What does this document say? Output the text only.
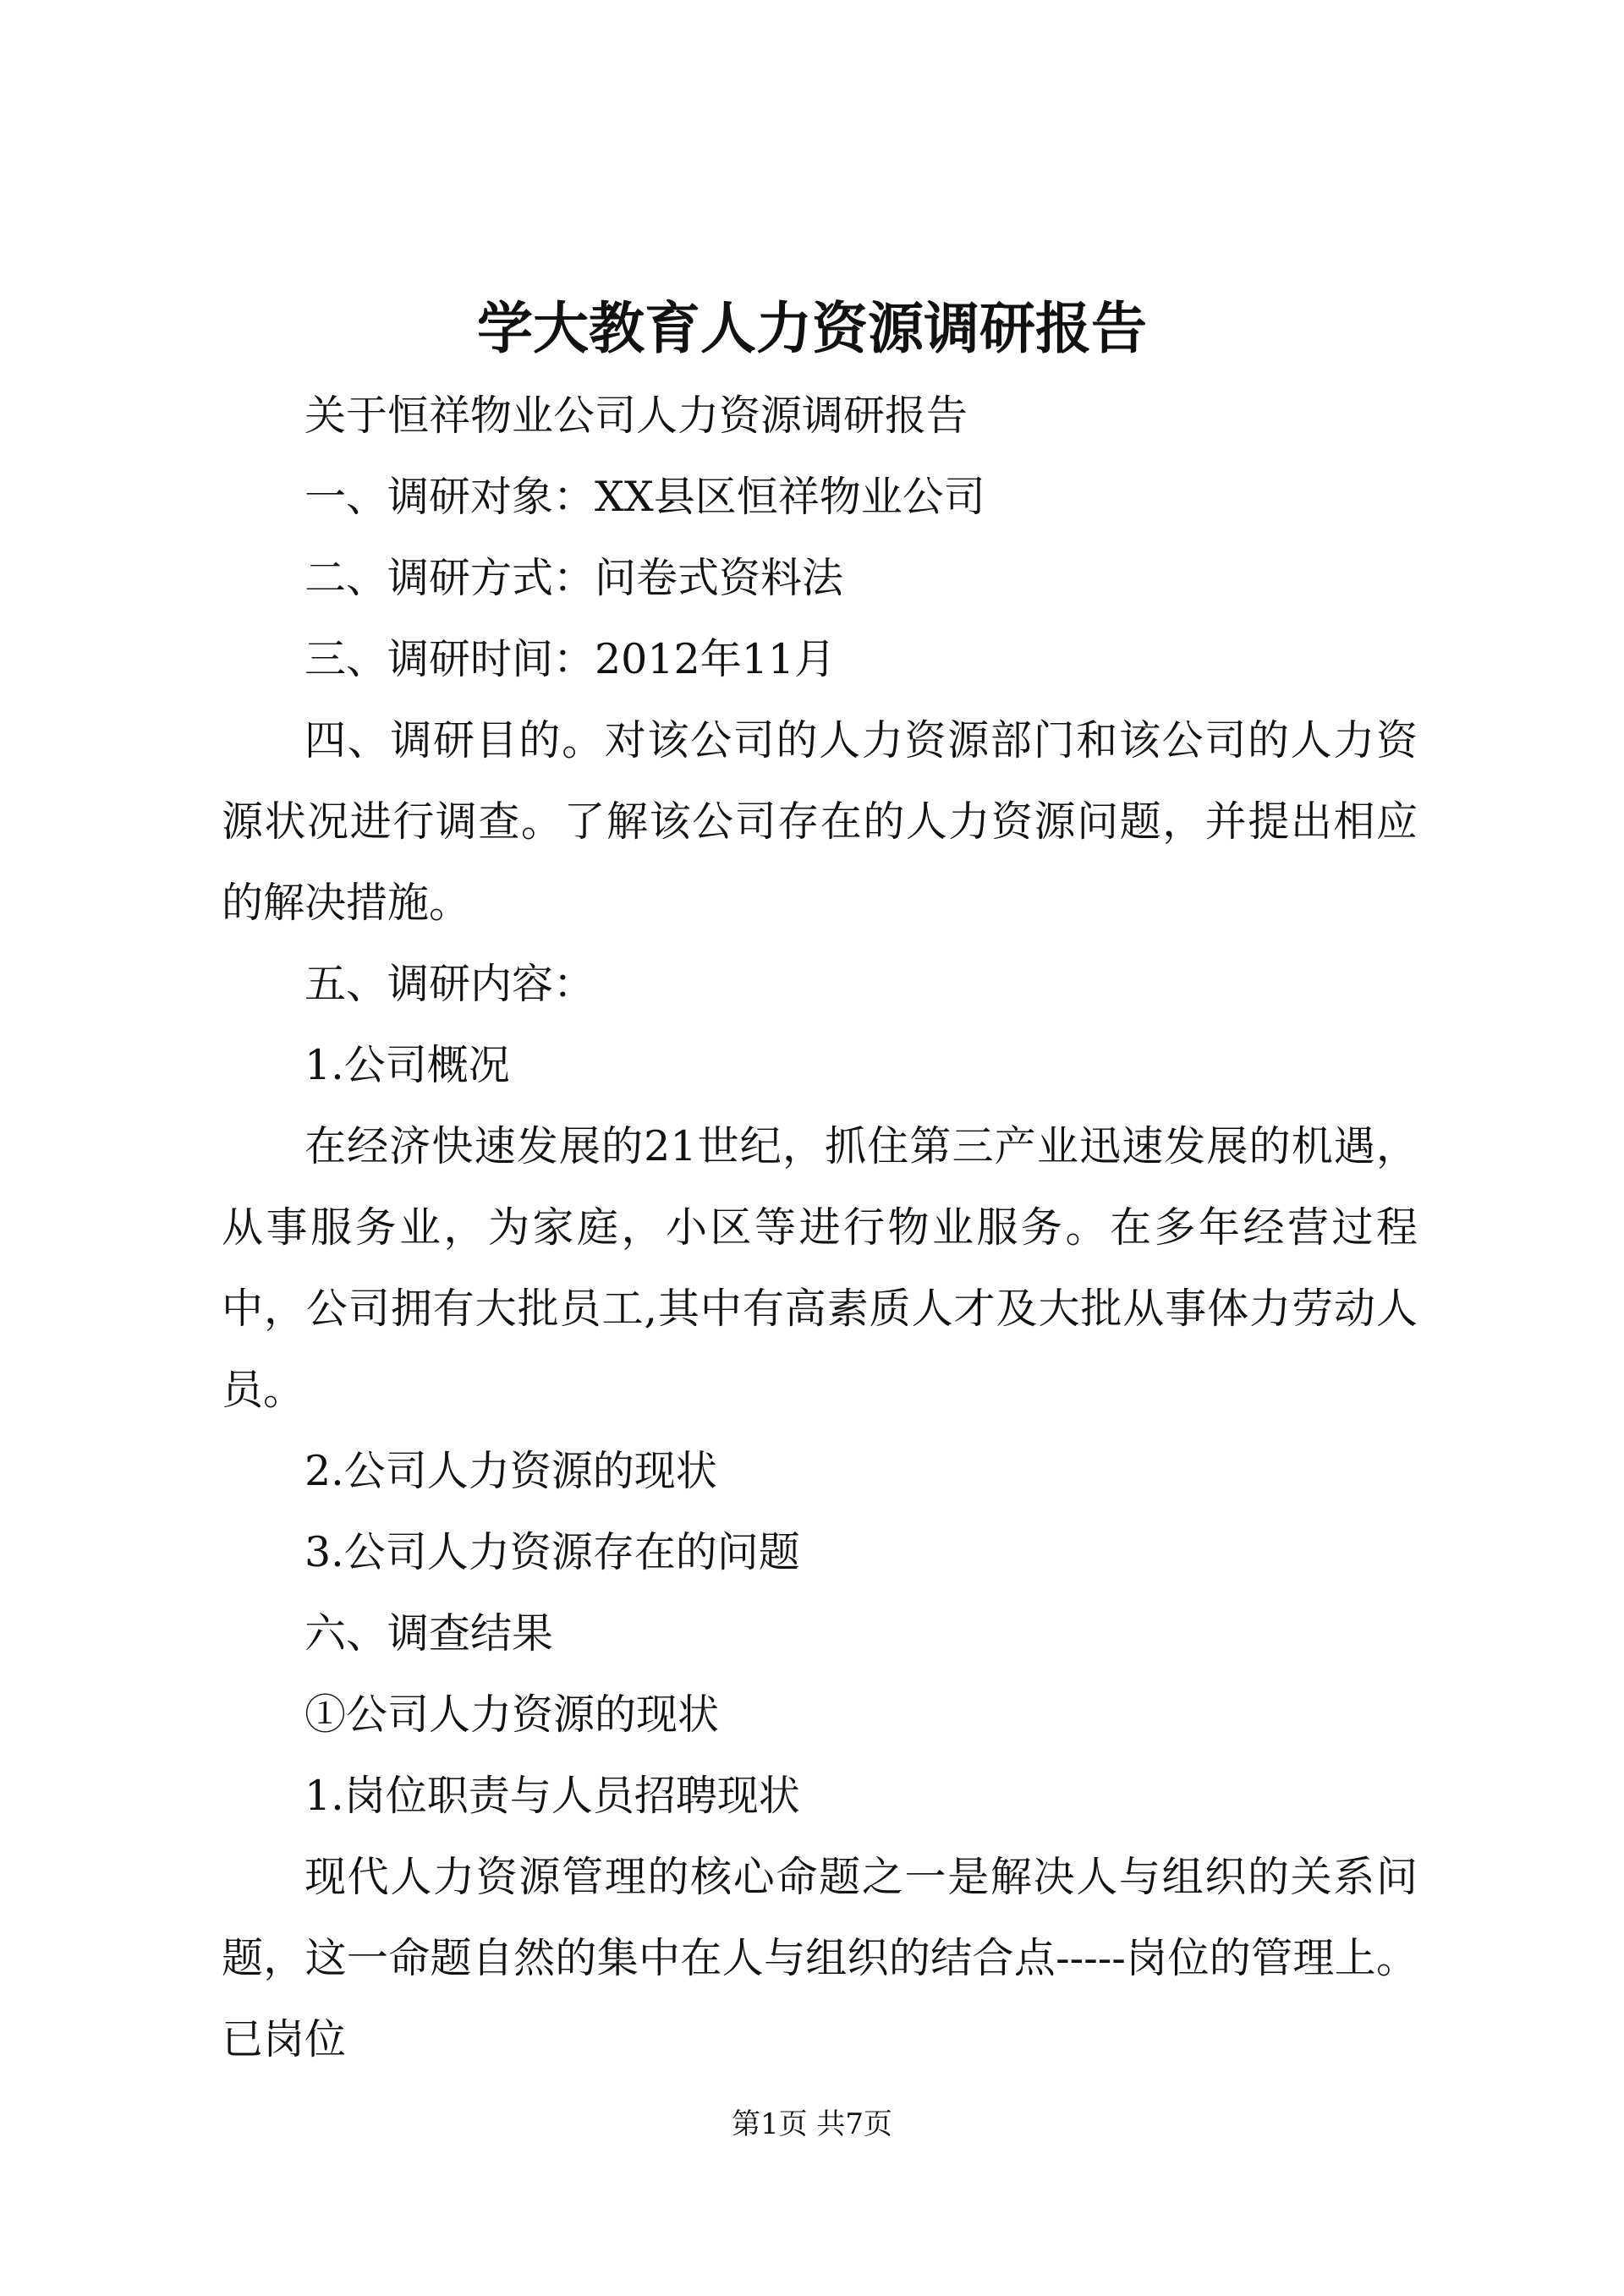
学大教育人力资源调研报告

关于恒祥物业公司人力资源调研报告

一、调研对象：XX县区恒祥物业公司

二、调研方式：问卷式资料法

三、调研时间：2012年11月

四、调研目的。对该公司的人力资源部门和该公司的人力资源状况进行调查。了解该公司存在的人力资源问题，并提出相应的解决措施。

五、调研内容：

1.公司概况

在经济快速发展的21世纪，抓住第三产业迅速发展的机遇，从事服务业，为家庭，小区等进行物业服务。在多年经营过程中，公司拥有大批员工,其中有高素质人才及大批从事体力劳动人员。

2.公司人力资源的现状

3.公司人力资源存在的问题

六、调查结果

①公司人力资源的现状

1.岗位职责与人员招聘现状

现代人力资源管理的核心命题之一是解决人与组织的关系问题，这一命题自然的集中在人与组织的结合点-----岗位的管理上。已岗位

第1页 共7页
